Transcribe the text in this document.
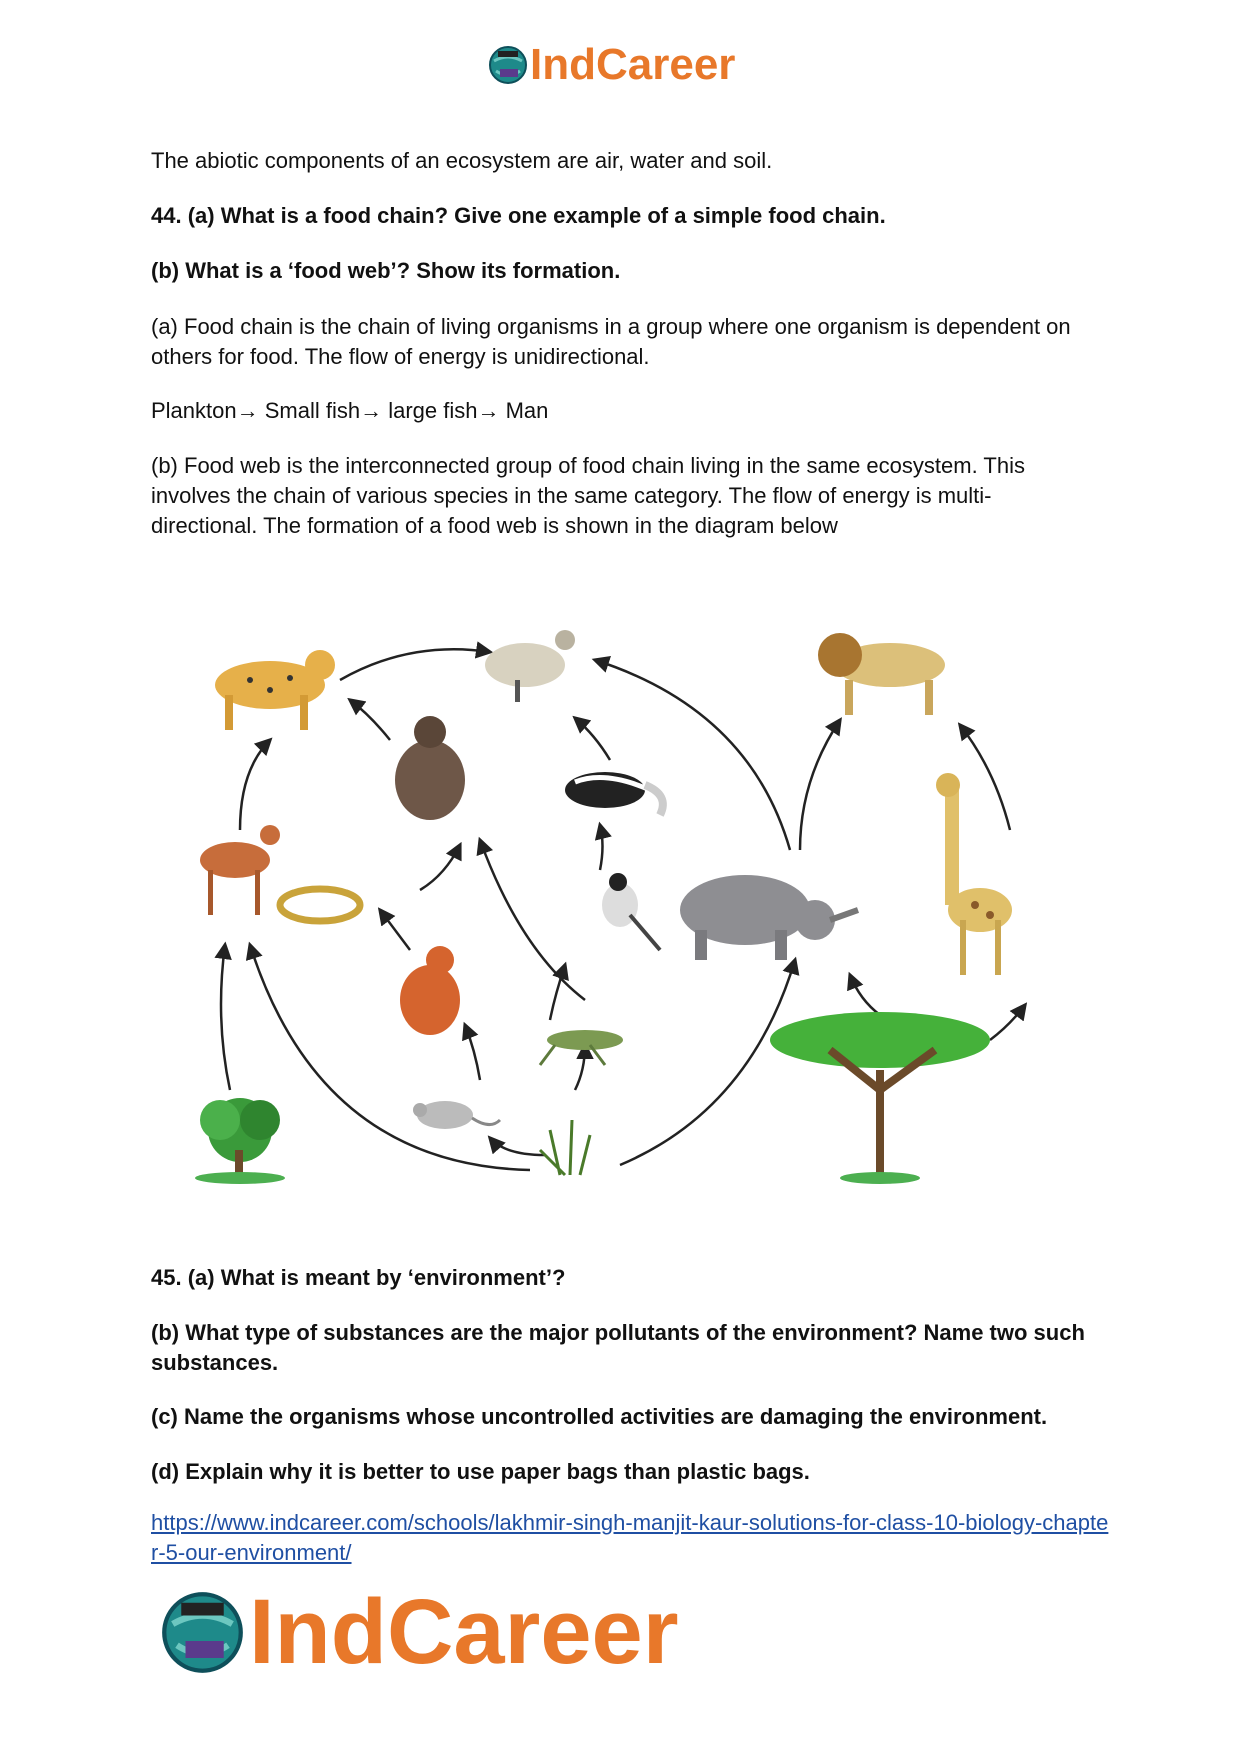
IndCareer
The abiotic components of an ecosystem are air, water and soil.
44. (a) What is a food chain? Give one example of a simple food chain.
(b) What is a ‘food web’? Show its formation.
(a) Food chain is the chain of living organisms in a group where one organism is dependent on others for food. The flow of energy is unidirectional.
Plankton→ Small fish→ large fish→ Man
(b) Food web is the interconnected group of food chain living in the same ecosystem. This involves the chain of various species in the same category. The flow of energy is multi-directional. The formation of a food web is shown in the diagram below
45. (a) What is meant by ‘environment’?
(b) What type of substances are the major pollutants of the environment? Name two such substances.
(c) Name the organisms whose uncontrolled activities are damaging the environment.
(d) Explain why it is better to use paper bags than plastic bags.
https://www.indcareer.com/schools/lakhmir-singh-manjit-kaur-solutions-for-class-10-biology-chapter-5-our-environment/
IndCareer
